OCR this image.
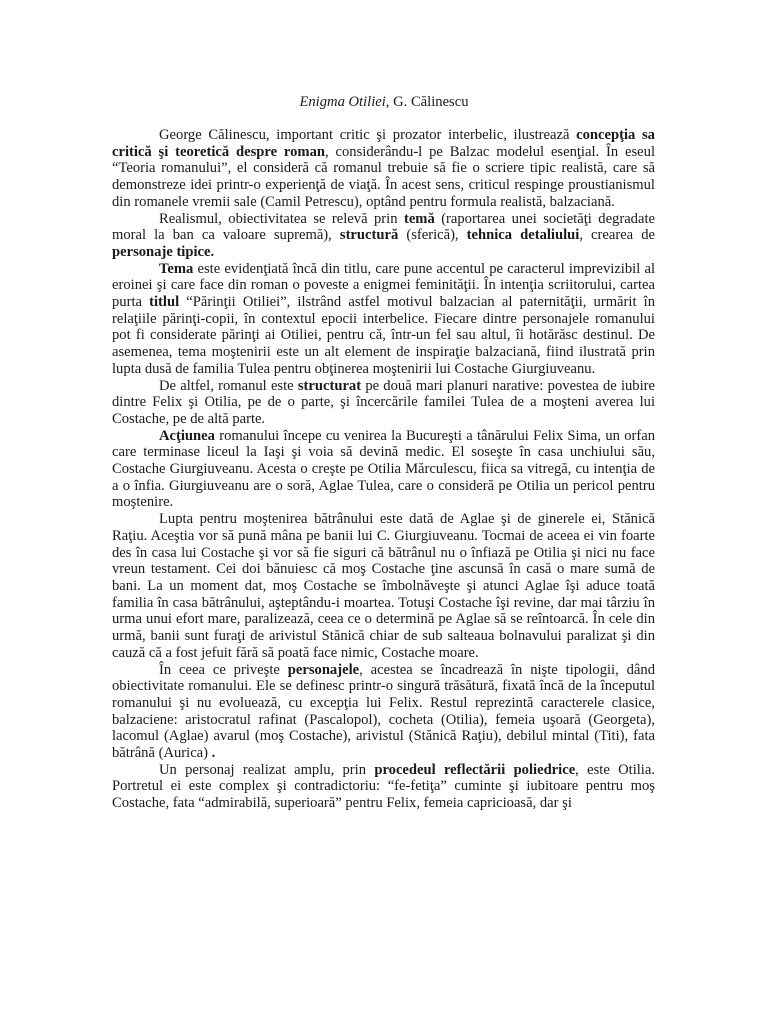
Enigma Otiliei, G. Călinescu

George Călinescu, important critic şi prozator interbelic, ilustrează concepţia sa critică şi teoretică despre roman, considerându-l pe Balzac modelul esenţial. În eseul “Teoria romanului”, el consideră că romanul trebuie să fie o scriere tipic realistă, care să demonstreze idei printr-o experienţă de viaţă. În acest sens, criticul respinge proustianismul din romanele vremii sale (Camil Petrescu), optând pentru formula realistă, balzaciană.

Realismul, obiectivitatea se relevă prin temă (raportarea unei societăţi degradate moral la ban ca valoare supremă), structură (sferică), tehnica detaliului, crearea de personaje tipice.

Tema este evidenţiată încă din titlu, care pune accentul pe caracterul imprevizibil al eroinei şi care face din roman o poveste a enigmei feminităţii. În intenţia scriitorului, cartea purta titlul “Părinţii Otiliei”, ilstrând astfel motivul balzacian al paternităţii, urmărit în relaţiile părinţi-copii, în contextul epocii interbelice. Fiecare dintre personajele romanului pot fi considerate părinţi ai Otiliei, pentru că, într-un fel sau altul, îi hotărăsc destinul. De asemenea, tema moştenirii este un alt element de inspiraţie balzaciană, fiind ilustrată prin lupta dusă de familia Tulea pentru obţinerea moştenirii lui Costache Giurgiuveanu.

De altfel, romanul este structurat pe două mari planuri narative: povestea de iubire dintre Felix şi Otilia, pe de o parte, şi încercările familei Tulea de a moşteni averea lui Costache, pe de altă parte.

Acţiunea romanului începe cu venirea la Bucureşti a tânărului Felix Sima, un orfan care terminase liceul la Iaşi şi voia să devină medic. El soseşte în casa unchiului său, Costache Giurgiuveanu. Acesta o creşte pe Otilia Mărculescu, fiica sa vitregă, cu intenţia de a o înfia. Giurgiuveanu are o soră, Aglae Tulea, care o consideră pe Otilia un pericol pentru moştenire.

Lupta pentru moştenirea bătrânului este dată de Aglae şi de ginerele ei, Stănică Raţiu. Aceştia vor să pună mâna pe banii lui C. Giurgiuveanu. Tocmai de aceea ei vin foarte des în casa lui Costache şi vor să fie siguri că bătrânul nu o înfiază pe Otilia şi nici nu face vreun testament. Cei doi bănuiesc că moş Costache ţine ascunsă în casă o mare sumă de bani. La un moment dat, moş Costache se îmbolnăveşte şi atunci Aglae îşi aduce toată familia în casa bătrânului, aşteptându-i moartea. Totuşi Costache îşi revine, dar mai târziu în urma unui efort mare, paralizează, ceea ce o determină pe Aglae să se reîntoarcă. În cele din urmă, banii sunt furaţi de arivistul Stănică chiar de sub salteaua bolnavului paralizat şi din cauză că a fost jefuit fără să poată face nimic, Costache moare.

În ceea ce priveşte personajele, acestea se încadrează în nişte tipologii, dând obiectivitate romanului. Ele se definesc printr-o singură trăsătură, fixată încă de la începutul romanului şi nu evoluează, cu excepţia lui Felix. Restul reprezintă caracterele clasice, balzaciene: aristocratul rafinat (Pascalopol), cocheta (Otilia), femeia uşoară (Georgeta), lacomul (Aglae) avarul (moş Costache), arivistul (Stănică Raţiu), debilul mintal (Titi), fata bătrână (Aurica) .

Un personaj realizat amplu, prin procedeul reflectării poliedrice, este Otilia. Portretul ei este complex şi contradictoriu: “fe-fetiţa” cuminte şi iubitoare pentru moş Costache, fata “admirabilă, superioară” pentru Felix, femeia capricioasă, dar şi
